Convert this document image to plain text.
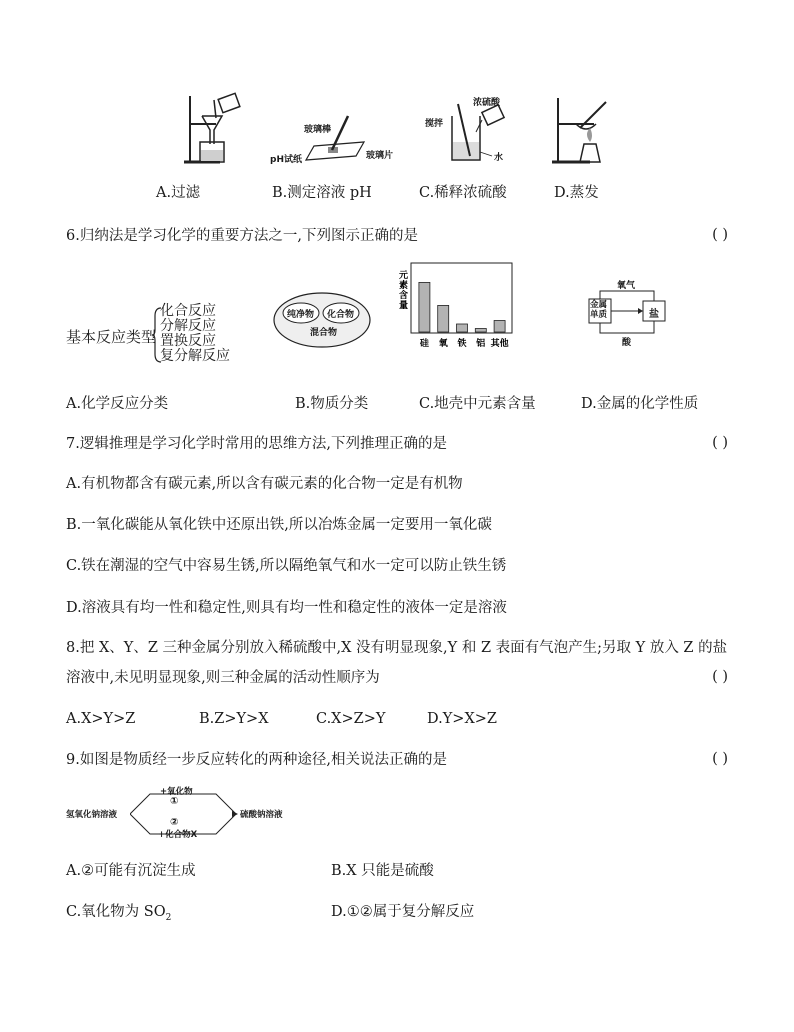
玻璃棒
pH试纸	玻璃片
浓硫酸
搅拌
水
A.过滤	B.测定溶液 pH	C.稀释浓硫酸	D.蒸发
6.归纳法是学习化学的重要方法之一,下列图示正确的是	( )
基本反应类型
化合反应
分解反应
置换反应
复分解反应
纯净物 化合物
混合物
元
素
含
量
硅 氧 铁 铝 其他
氧气
金属单质	盐
酸
A.化学反应分类	B.物质分类	C.地壳中元素含量	D.金属的化学性质
7.逻辑推理是学习化学时常用的思维方法,下列推理正确的是	( )
A.有机物都含有碳元素,所以含有碳元素的化合物一定是有机物
B.一氧化碳能从氧化铁中还原出铁,所以冶炼金属一定要用一氧化碳
C.铁在潮湿的空气中容易生锈,所以隔绝氧气和水一定可以防止铁生锈
D.溶液具有均一性和稳定性,则具有均一性和稳定性的液体一定是溶液
8.把 X、Y、Z 三种金属分别放入稀硫酸中,X 没有明显现象,Y 和 Z 表面有气泡产生;另取 Y 放入 Z 的盐
溶液中,未见明显现象,则三种金属的活动性顺序为	( )
A.X>Y>Z	B.Z>Y>X	C.X>Z>Y	D.Y>X>Z
9.如图是物质经一步反应转化的两种途径,相关说法正确的是	( )
氢氧化钠溶液	硫酸钠溶液
+氧化物
①
②
+化合物X
A.②可能有沉淀生成	B.X 只能是硫酸
C.氧化物为 $SO_2$	D.①②属于复分解反应
